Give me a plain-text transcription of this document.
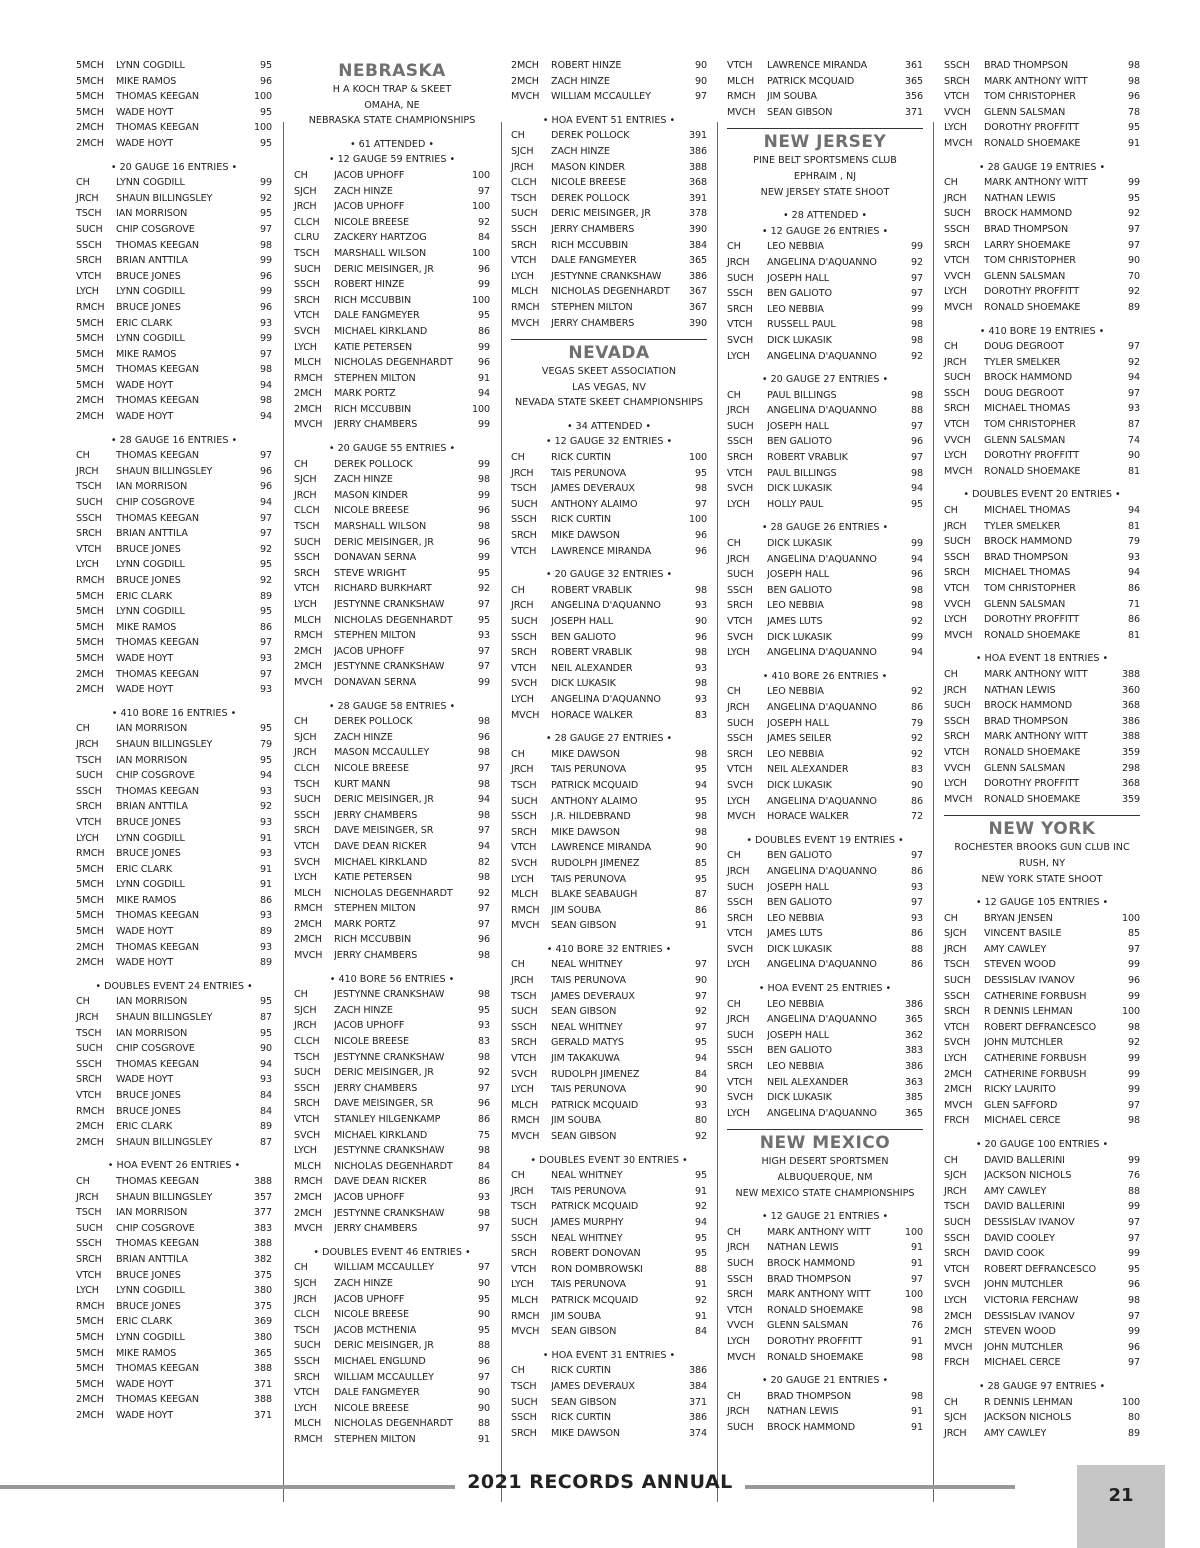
5MCH	LYNN COGDILL	95
5MCH	MIKE RAMOS	96
5MCH	THOMAS KEEGAN	100
5MCH	WADE HOYT	95
2MCH	THOMAS KEEGAN	100
2MCH	WADE HOYT	95
• 20 GAUGE 16 ENTRIES •
CH	LYNN COGDILL	99
JRCH	SHAUN BILLINGSLEY	92
TSCH	IAN MORRISON	95
SUCH	CHIP COSGROVE	97
SSCH	THOMAS KEEGAN	98
SRCH	BRIAN ANTTILA	99
VTCH	BRUCE JONES	96
LYCH	LYNN COGDILL	99
RMCH	BRUCE JONES	96
5MCH	ERIC CLARK	93
5MCH	LYNN COGDILL	99
5MCH	MIKE RAMOS	97
5MCH	THOMAS KEEGAN	98
5MCH	WADE HOYT	94
2MCH	THOMAS KEEGAN	98
2MCH	WADE HOYT	94
• 28 GAUGE 16 ENTRIES •
CH	THOMAS KEEGAN	97
JRCH	SHAUN BILLINGSLEY	96
TSCH	IAN MORRISON	96
SUCH	CHIP COSGROVE	94
SSCH	THOMAS KEEGAN	97
SRCH	BRIAN ANTTILA	97
VTCH	BRUCE JONES	92
LYCH	LYNN COGDILL	95
RMCH	BRUCE JONES	92
5MCH	ERIC CLARK	89
5MCH	LYNN COGDILL	95
5MCH	MIKE RAMOS	86
5MCH	THOMAS KEEGAN	97
5MCH	WADE HOYT	93
2MCH	THOMAS KEEGAN	97
2MCH	WADE HOYT	93
• 410 BORE 16 ENTRIES •
CH	IAN MORRISON	95
JRCH	SHAUN BILLINGSLEY	79
TSCH	IAN MORRISON	95
SUCH	CHIP COSGROVE	94
SSCH	THOMAS KEEGAN	93
SRCH	BRIAN ANTTILA	92
VTCH	BRUCE JONES	93
LYCH	LYNN COGDILL	91
RMCH	BRUCE JONES	93
5MCH	ERIC CLARK	91
5MCH	LYNN COGDILL	91
5MCH	MIKE RAMOS	86
5MCH	THOMAS KEEGAN	93
5MCH	WADE HOYT	89
2MCH	THOMAS KEEGAN	93
2MCH	WADE HOYT	89
• DOUBLES EVENT 24 ENTRIES •
CH	IAN MORRISON	95
JRCH	SHAUN BILLINGSLEY	87
TSCH	IAN MORRISON	95
SUCH	CHIP COSGROVE	90
SSCH	THOMAS KEEGAN	94
SRCH	WADE HOYT	93
VTCH	BRUCE JONES	84
RMCH	BRUCE JONES	84
2MCH	ERIC CLARK	89
2MCH	SHAUN BILLINGSLEY	87
• HOA EVENT 26 ENTRIES •
CH	THOMAS KEEGAN	388
JRCH	SHAUN BILLINGSLEY	357
TSCH	IAN MORRISON	377
SUCH	CHIP COSGROVE	383
SSCH	THOMAS KEEGAN	388
SRCH	BRIAN ANTTILA	382
VTCH	BRUCE JONES	375
LYCH	LYNN COGDILL	380
RMCH	BRUCE JONES	375
5MCH	ERIC CLARK	369
5MCH	LYNN COGDILL	380
5MCH	MIKE RAMOS	365
5MCH	THOMAS KEEGAN	388
5MCH	WADE HOYT	371
2MCH	THOMAS KEEGAN	388
2MCH	WADE HOYT	371
NEBRASKA
H A KOCH TRAP & SKEET
OMAHA, NE
NEBRASKA STATE CHAMPIONSHIPS
• 61 ATTENDED •
• 12 GAUGE 59 ENTRIES •
CH	JACOB UPHOFF	100
SJCH	ZACH HINZE	97
JRCH	JACOB UPHOFF	100
CLCH	NICOLE BREESE	92
CLRU	ZACKERY HARTZOG	84
TSCH	MARSHALL WILSON	100
SUCH	DERIC MEISINGER, JR	96
SSCH	ROBERT HINZE	99
SRCH	RICH MCCUBBIN	100
VTCH	DALE FANGMEYER	95
SVCH	MICHAEL KIRKLAND	86
LYCH	KATIE PETERSEN	99
MLCH	NICHOLAS DEGENHARDT	96
RMCH	STEPHEN MILTON	91
2MCH	MARK PORTZ	94
2MCH	RICH MCCUBBIN	100
MVCH	JERRY CHAMBERS	99
• 20 GAUGE 55 ENTRIES •
CH	DEREK POLLOCK	99
SJCH	ZACH HINZE	98
JRCH	MASON KINDER	99
CLCH	NICOLE BREESE	96
TSCH	MARSHALL WILSON	98
SUCH	DERIC MEISINGER, JR	96
SSCH	DONAVAN SERNA	99
SRCH	STEVE WRIGHT	95
VTCH	RICHARD BURKHART	92
LYCH	JESTYNNE CRANKSHAW	97
MLCH	NICHOLAS DEGENHARDT	95
RMCH	STEPHEN MILTON	93
2MCH	JACOB UPHOFF	97
2MCH	JESTYNNE CRANKSHAW	97
MVCH	DONAVAN SERNA	99
• 28 GAUGE 58 ENTRIES •
CH	DEREK POLLOCK	98
SJCH	ZACH HINZE	96
JRCH	MASON MCCAULLEY	98
CLCH	NICOLE BREESE	97
TSCH	KURT MANN	98
SUCH	DERIC MEISINGER, JR	94
SSCH	JERRY CHAMBERS	98
SRCH	DAVE MEISINGER, SR	97
VTCH	DAVE DEAN RICKER	94
SVCH	MICHAEL KIRKLAND	82
LYCH	KATIE PETERSEN	98
MLCH	NICHOLAS DEGENHARDT	92
RMCH	STEPHEN MILTON	97
2MCH	MARK PORTZ	97
2MCH	RICH MCCUBBIN	96
MVCH	JERRY CHAMBERS	98
• 410 BORE 56 ENTRIES •
CH	JESTYNNE CRANKSHAW	98
SJCH	ZACH HINZE	95
JRCH	JACOB UPHOFF	93
CLCH	NICOLE BREESE	83
TSCH	JESTYNNE CRANKSHAW	98
SUCH	DERIC MEISINGER, JR	92
SSCH	JERRY CHAMBERS	97
SRCH	DAVE MEISINGER, SR	96
VTCH	STANLEY HILGENKAMP	86
SVCH	MICHAEL KIRKLAND	75
LYCH	JESTYNNE CRANKSHAW	98
MLCH	NICHOLAS DEGENHARDT	84
RMCH	DAVE DEAN RICKER	86
2MCH	JACOB UPHOFF	93
2MCH	JESTYNNE CRANKSHAW	98
MVCH	JERRY CHAMBERS	97
• DOUBLES EVENT 46 ENTRIES •
CH	WILLIAM MCCAULLEY	97
SJCH	ZACH HINZE	90
JRCH	JACOB UPHOFF	95
CLCH	NICOLE BREESE	90
TSCH	JACOB MCTHENIA	95
SUCH	DERIC MEISINGER, JR	88
SSCH	MICHAEL ENGLUND	96
SRCH	WILLIAM MCCAULLEY	97
VTCH	DALE FANGMEYER	90
LYCH	NICOLE BREESE	90
MLCH	NICHOLAS DEGENHARDT	88
RMCH	STEPHEN MILTON	91
2MCH	ROBERT HINZE	90
2MCH	ZACH HINZE	90
MVCH	WILLIAM MCCAULLEY	97
• HOA EVENT 51 ENTRIES •
CH	DEREK POLLOCK	391
SJCH	ZACH HINZE	386
JRCH	MASON KINDER	388
CLCH	NICOLE BREESE	368
TSCH	DEREK POLLOCK	391
SUCH	DERIC MEISINGER, JR	378
SSCH	JERRY CHAMBERS	390
SRCH	RICH MCCUBBIN	384
VTCH	DALE FANGMEYER	365
LYCH	JESTYNNE CRANKSHAW	386
MLCH	NICHOLAS DEGENHARDT	367
RMCH	STEPHEN MILTON	367
MVCH	JERRY CHAMBERS	390
NEVADA
VEGAS SKEET ASSOCIATION
LAS VEGAS, NV
NEVADA STATE SKEET CHAMPIONSHIPS
• 34 ATTENDED •
• 12 GAUGE 32 ENTRIES •
CH	RICK CURTIN	100
JRCH	TAIS PERUNOVA	95
TSCH	JAMES DEVERAUX	98
SUCH	ANTHONY ALAIMO	97
SSCH	RICK CURTIN	100
SRCH	MIKE DAWSON	96
VTCH	LAWRENCE MIRANDA	96
• 20 GAUGE 32 ENTRIES •
CH	ROBERT VRABLIK	98
JRCH	ANGELINA D'AQUANNO	93
SUCH	JOSEPH HALL	90
SSCH	BEN GALIOTO	96
SRCH	ROBERT VRABLIK	98
VTCH	NEIL ALEXANDER	93
SVCH	DICK LUKASIK	98
LYCH	ANGELINA D'AQUANNO	93
MVCH	HORACE WALKER	83
• 28 GAUGE 27 ENTRIES •
CH	MIKE DAWSON	98
JRCH	TAIS PERUNOVA	95
TSCH	PATRICK MCQUAID	94
SUCH	ANTHONY ALAIMO	95
SSCH	J.R. HILDEBRAND	98
SRCH	MIKE DAWSON	98
VTCH	LAWRENCE MIRANDA	90
SVCH	RUDOLPH JIMENEZ	85
LYCH	TAIS PERUNOVA	95
MLCH	BLAKE SEABAUGH	87
RMCH	JIM SOUBA	86
MVCH	SEAN GIBSON	91
• 410 BORE 32 ENTRIES •
CH	NEAL WHITNEY	97
JRCH	TAIS PERUNOVA	90
TSCH	JAMES DEVERAUX	97
SUCH	SEAN GIBSON	92
SSCH	NEAL WHITNEY	97
SRCH	GERALD MATYS	95
VTCH	JIM TAKAKUWA	94
SVCH	RUDOLPH JIMENEZ	84
LYCH	TAIS PERUNOVA	90
MLCH	PATRICK MCQUAID	93
RMCH	JIM SOUBA	80
MVCH	SEAN GIBSON	92
• DOUBLES EVENT 30 ENTRIES •
CH	NEAL WHITNEY	95
JRCH	TAIS PERUNOVA	91
TSCH	PATRICK MCQUAID	92
SUCH	JAMES MURPHY	94
SSCH	NEAL WHITNEY	95
SRCH	ROBERT DONOVAN	95
VTCH	RON DOMBROWSKI	88
LYCH	TAIS PERUNOVA	91
MLCH	PATRICK MCQUAID	92
RMCH	JIM SOUBA	91
MVCH	SEAN GIBSON	84
• HOA EVENT 31 ENTRIES •
CH	RICK CURTIN	386
TSCH	JAMES DEVERAUX	384
SUCH	SEAN GIBSON	371
SSCH	RICK CURTIN	386
SRCH	MIKE DAWSON	374
VTCH	LAWRENCE MIRANDA	361
MLCH	PATRICK MCQUAID	365
RMCH	JIM SOUBA	356
MVCH	SEAN GIBSON	371
NEW JERSEY
PINE BELT SPORTSMENS CLUB
EPHRAIM , NJ
NEW JERSEY STATE SHOOT
• 28 ATTENDED •
• 12 GAUGE 26 ENTRIES •
CH	LEO NEBBIA	99
JRCH	ANGELINA D'AQUANNO	92
SUCH	JOSEPH HALL	97
SSCH	BEN GALIOTO	97
SRCH	LEO NEBBIA	99
VTCH	RUSSELL PAUL	98
SVCH	DICK LUKASIK	98
LYCH	ANGELINA D'AQUANNO	92
• 20 GAUGE 27 ENTRIES •
CH	PAUL BILLINGS	98
JRCH	ANGELINA D'AQUANNO	88
SUCH	JOSEPH HALL	97
SSCH	BEN GALIOTO	96
SRCH	ROBERT VRABLIK	97
VTCH	PAUL BILLINGS	98
SVCH	DICK LUKASIK	94
LYCH	HOLLY PAUL	95
• 28 GAUGE 26 ENTRIES •
CH	DICK LUKASIK	99
JRCH	ANGELINA D'AQUANNO	94
SUCH	JOSEPH HALL	96
SSCH	BEN GALIOTO	98
SRCH	LEO NEBBIA	98
VTCH	JAMES LUTS	92
SVCH	DICK LUKASIK	99
LYCH	ANGELINA D'AQUANNO	94
• 410 BORE 26 ENTRIES •
CH	LEO NEBBIA	92
JRCH	ANGELINA D'AQUANNO	86
SUCH	JOSEPH HALL	79
SSCH	JAMES SEILER	92
SRCH	LEO NEBBIA	92
VTCH	NEIL ALEXANDER	83
SVCH	DICK LUKASIK	90
LYCH	ANGELINA D'AQUANNO	86
MVCH	HORACE WALKER	72
• DOUBLES EVENT 19 ENTRIES •
CH	BEN GALIOTO	97
JRCH	ANGELINA D'AQUANNO	86
SUCH	JOSEPH HALL	93
SSCH	BEN GALIOTO	97
SRCH	LEO NEBBIA	93
VTCH	JAMES LUTS	86
SVCH	DICK LUKASIK	88
LYCH	ANGELINA D'AQUANNO	86
• HOA EVENT 25 ENTRIES •
CH	LEO NEBBIA	386
JRCH	ANGELINA D'AQUANNO	365
SUCH	JOSEPH HALL	362
SSCH	BEN GALIOTO	383
SRCH	LEO NEBBIA	386
VTCH	NEIL ALEXANDER	363
SVCH	DICK LUKASIK	385
LYCH	ANGELINA D'AQUANNO	365
NEW MEXICO
HIGH DESERT SPORTSMEN
ALBUQUERQUE, NM
NEW MEXICO STATE CHAMPIONSHIPS
• 12 GAUGE 21 ENTRIES •
CH	MARK ANTHONY WITT	100
JRCH	NATHAN LEWIS	91
SUCH	BROCK HAMMOND	91
SSCH	BRAD THOMPSON	97
SRCH	MARK ANTHONY WITT	100
VTCH	RONALD SHOEMAKE	98
VVCH	GLENN SALSMAN	76
LYCH	DOROTHY PROFFITT	91
MVCH	RONALD SHOEMAKE	98
• 20 GAUGE 21 ENTRIES •
CH	BRAD THOMPSON	98
JRCH	NATHAN LEWIS	91
SUCH	BROCK HAMMOND	91
SSCH	BRAD THOMPSON	98
SRCH	MARK ANTHONY WITT	98
VTCH	TOM CHRISTOPHER	96
VVCH	GLENN SALSMAN	78
LYCH	DOROTHY PROFFITT	95
MVCH	RONALD SHOEMAKE	91
• 28 GAUGE 19 ENTRIES •
CH	MARK ANTHONY WITT	99
JRCH	NATHAN LEWIS	95
SUCH	BROCK HAMMOND	92
SSCH	BRAD THOMPSON	97
SRCH	LARRY SHOEMAKE	97
VTCH	TOM CHRISTOPHER	90
VVCH	GLENN SALSMAN	70
LYCH	DOROTHY PROFFITT	92
MVCH	RONALD SHOEMAKE	89
• 410 BORE 19 ENTRIES •
CH	DOUG DEGROOT	97
JRCH	TYLER SMELKER	92
SUCH	BROCK HAMMOND	94
SSCH	DOUG DEGROOT	97
SRCH	MICHAEL THOMAS	93
VTCH	TOM CHRISTOPHER	87
VVCH	GLENN SALSMAN	74
LYCH	DOROTHY PROFFITT	90
MVCH	RONALD SHOEMAKE	81
• DOUBLES EVENT 20 ENTRIES •
CH	MICHAEL THOMAS	94
JRCH	TYLER SMELKER	81
SUCH	BROCK HAMMOND	79
SSCH	BRAD THOMPSON	93
SRCH	MICHAEL THOMAS	94
VTCH	TOM CHRISTOPHER	86
VVCH	GLENN SALSMAN	71
LYCH	DOROTHY PROFFITT	86
MVCH	RONALD SHOEMAKE	81
• HOA EVENT 18 ENTRIES •
CH	MARK ANTHONY WITT	388
JRCH	NATHAN LEWIS	360
SUCH	BROCK HAMMOND	368
SSCH	BRAD THOMPSON	386
SRCH	MARK ANTHONY WITT	388
VTCH	RONALD SHOEMAKE	359
VVCH	GLENN SALSMAN	298
LYCH	DOROTHY PROFFITT	368
MVCH	RONALD SHOEMAKE	359
NEW YORK
ROCHESTER BROOKS GUN CLUB INC
RUSH, NY
NEW YORK STATE SHOOT
• 12 GAUGE 105 ENTRIES •
CH	BRYAN JENSEN	100
SJCH	VINCENT BASILE	85
JRCH	AMY CAWLEY	97
TSCH	STEVEN WOOD	99
SUCH	DESSISLAV IVANOV	96
SSCH	CATHERINE FORBUSH	99
SRCH	R DENNIS LEHMAN	100
VTCH	ROBERT DEFRANCESCO	98
SVCH	JOHN MUTCHLER	92
LYCH	CATHERINE FORBUSH	99
2MCH	CATHERINE FORBUSH	99
2MCH	RICKY LAURITO	99
MVCH	GLEN SAFFORD	97
FRCH	MICHAEL CERCE	98
• 20 GAUGE 100 ENTRIES •
CH	DAVID BALLERINI	99
SJCH	JACKSON NICHOLS	76
JRCH	AMY CAWLEY	88
TSCH	DAVID BALLERINI	99
SUCH	DESSISLAV IVANOV	97
SSCH	DAVID COOLEY	97
SRCH	DAVID COOK	99
VTCH	ROBERT DEFRANCESCO	95
SVCH	JOHN MUTCHLER	96
LYCH	VICTORIA FERCHAW	98
2MCH	DESSISLAV IVANOV	97
2MCH	STEVEN WOOD	99
MVCH	JOHN MUTCHLER	96
FRCH	MICHAEL CERCE	97
• 28 GAUGE 97 ENTRIES •
CH	R DENNIS LEHMAN	100
SJCH	JACKSON NICHOLS	80
JRCH	AMY CAWLEY	89
2021 RECORDS ANNUAL
21
